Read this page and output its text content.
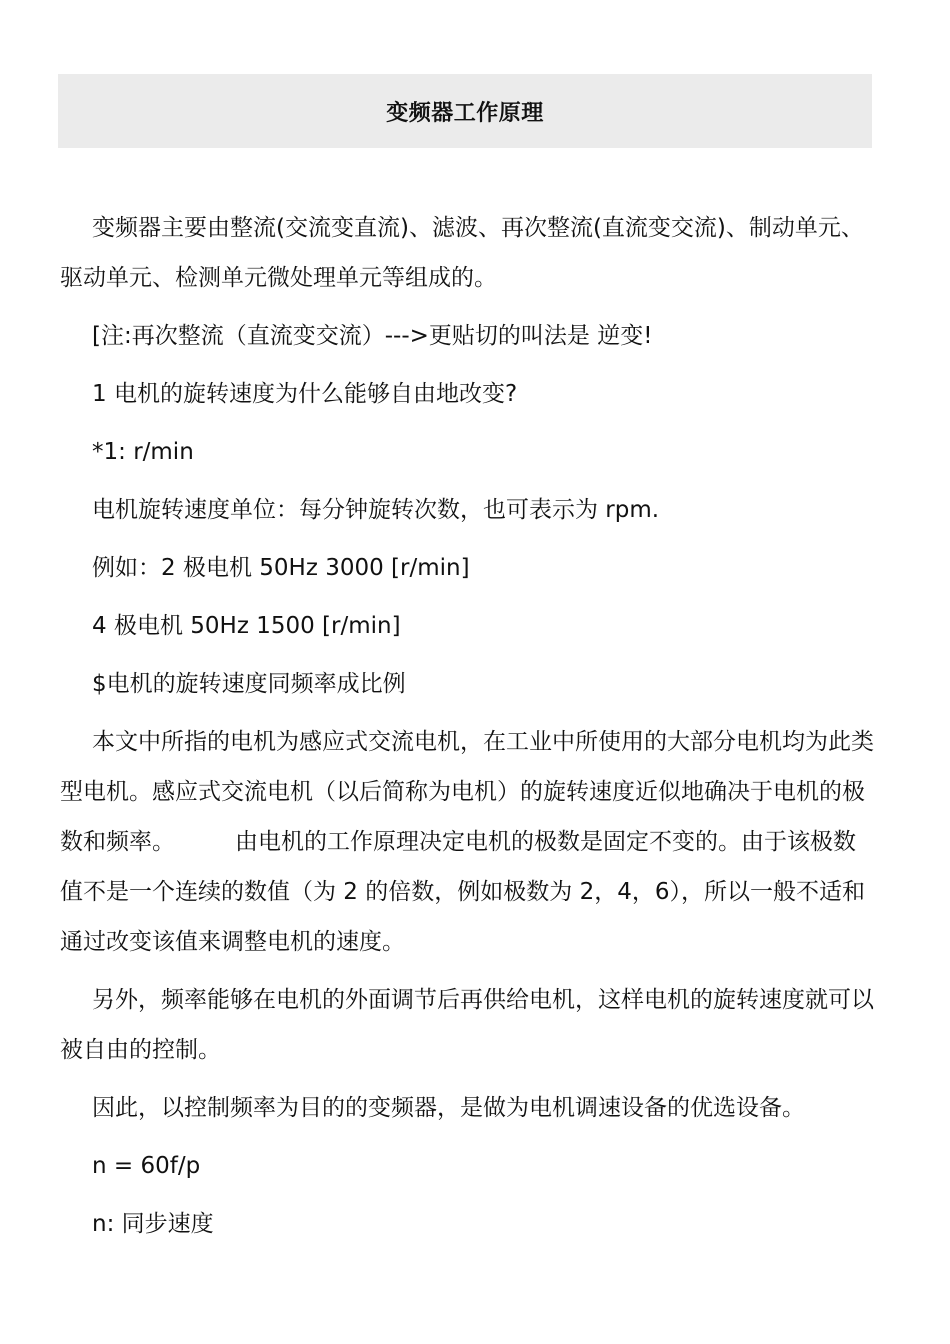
变频器工作原理

变频器主要由整流(交流变直流)、滤波、再次整流(直流变交流)、制动单元、驱动单元、检测单元微处理单元等组成的。

[注:再次整流（直流变交流）--->更贴切的叫法是 逆变!

1 电机的旋转速度为什么能够自由地改变?

*1: r/min

电机旋转速度单位：每分钟旋转次数，也可表示为 rpm.

例如：2 极电机 50Hz 3000 [r/min]

4 极电机 50Hz 1500 [r/min]

$电机的旋转速度同频率成比例

本文中所指的电机为感应式交流电机，在工业中所使用的大部分电机均为此类型电机。感应式交流电机（以后简称为电机）的旋转速度近似地确决于电机的极数和频率。	由电机的工作原理决定电机的极数是固定不变的。由于该极数值不是一个连续的数值（为 2 的倍数，例如极数为 2，4，6），所以一般不适和通过改变该值来调整电机的速度。

另外，频率能够在电机的外面调节后再供给电机，这样电机的旋转速度就可以被自由的控制。

因此，以控制频率为目的的变频器，是做为电机调速设备的优选设备。

n = 60f/p

n: 同步速度
